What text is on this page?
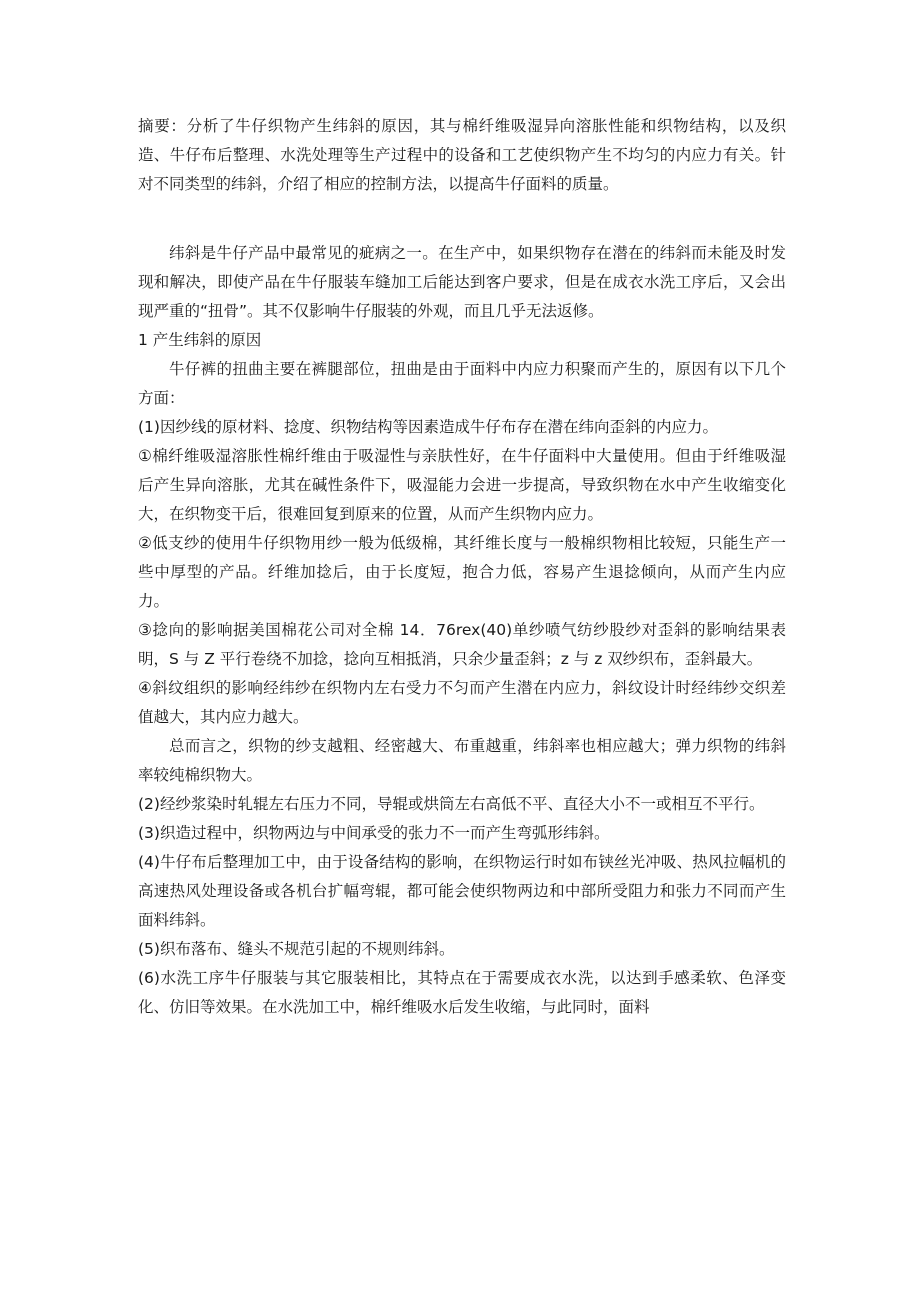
摘要：分析了牛仔织物产生纬斜的原因，其与棉纤维吸湿异向溶胀性能和织物结构，以及织造、牛仔布后整理、水洗处理等生产过程中的设备和工艺使织物产生不均匀的内应力有关。针对不同类型的纬斜，介绍了相应的控制方法，以提高牛仔面料的质量。

纬斜是牛仔产品中最常见的疵病之一。在生产中，如果织物存在潜在的纬斜而未能及时发现和解决，即使产品在牛仔服装车缝加工后能达到客户要求，但是在成衣水洗工序后，又会出现严重的“扭骨”。其不仅影响牛仔服装的外观，而且几乎无法返修。

1 产生纬斜的原因

牛仔裤的扭曲主要在裤腿部位，扭曲是由于面料中内应力积聚而产生的，原因有以下几个方面：

(1)因纱线的原材料、捻度、织物结构等因素造成牛仔布存在潜在纬向歪斜的内应力。

①棉纤维吸湿溶胀性棉纤维由于吸湿性与亲肤性好，在牛仔面料中大量使用。但由于纤维吸湿后产生异向溶胀，尤其在碱性条件下，吸湿能力会进一步提高，导致织物在水中产生收缩变化大，在织物变干后，很难回复到原来的位置，从而产生织物内应力。

②低支纱的使用牛仔织物用纱一般为低级棉，其纤维长度与一般棉织物相比较短，只能生产一些中厚型的产品。纤维加捻后，由于长度短，抱合力低，容易产生退捻倾向，从而产生内应力。

③捻向的影响据美国棉花公司对全棉 14．76rex(40)单纱喷气纺纱股纱对歪斜的影响结果表明，S 与 Z 平行卷绕不加捻，捻向互相抵消，只余少量歪斜；z 与 z 双纱织布，歪斜最大。

④斜纹组织的影响经纬纱在织物内左右受力不匀而产生潜在内应力，斜纹设计时经纬纱交织差值越大，其内应力越大。

总而言之，织物的纱支越粗、经密越大、布重越重，纬斜率也相应越大；弹力织物的纬斜率较纯棉织物大。

(2)经纱浆染时轧辊左右压力不同，导辊或烘筒左右高低不平、直径大小不一或相互不平行。

(3)织造过程中，织物两边与中间承受的张力不一而产生弯弧形纬斜。

(4)牛仔布后整理加工中，由于设备结构的影响，在织物运行时如布铗丝光冲吸、热风拉幅机的高速热风处理设备或各机台扩幅弯辊，都可能会使织物两边和中部所受阻力和张力不同而产生面料纬斜。

(5)织布落布、缝头不规范引起的不规则纬斜。

(6)水洗工序牛仔服装与其它服装相比，其特点在于需要成衣水洗，以达到手感柔软、色泽变化、仿旧等效果。在水洗加工中，棉纤维吸水后发生收缩，与此同时，面料
